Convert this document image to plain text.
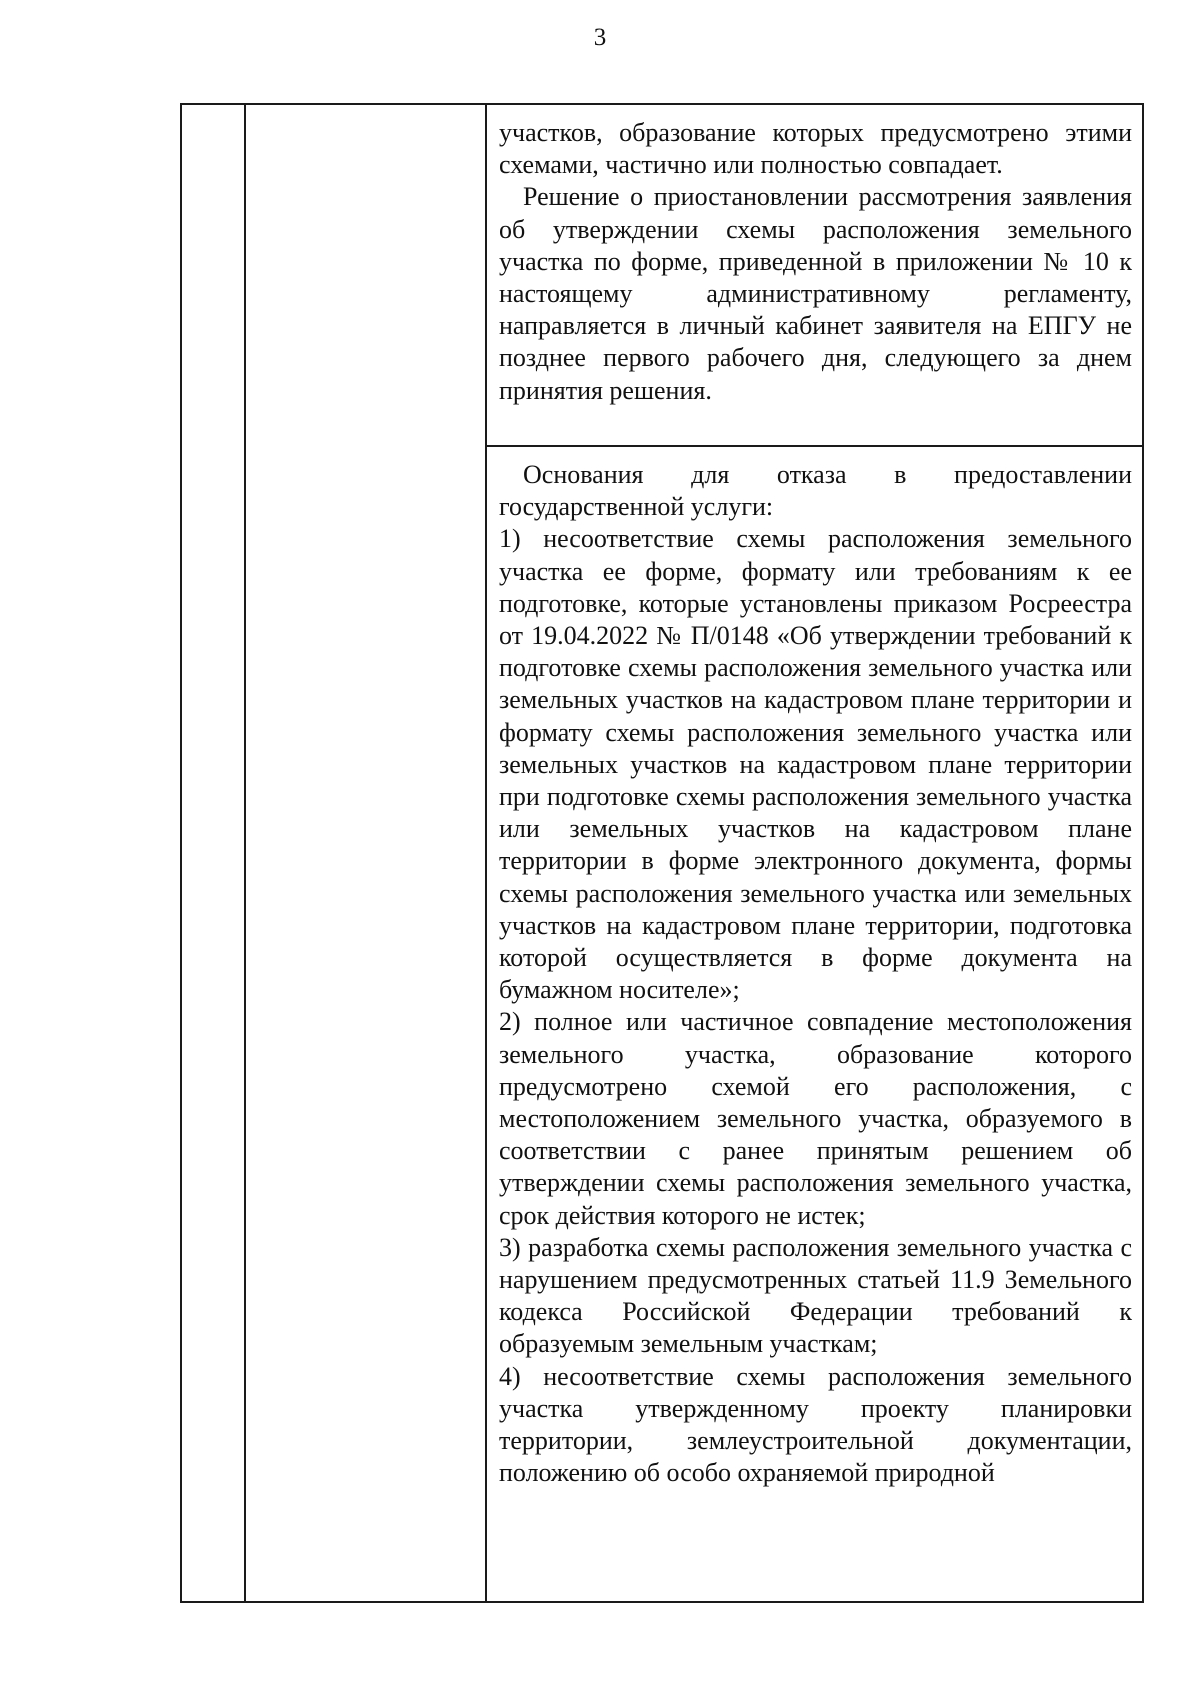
3

участков, образование которых предусмотрено этими схемами, частично или полностью совпадает.

Решение о приостановлении рассмотрения заявления об утверждении схемы расположения земельного участка по форме, приведенной в приложении № 10 к настоящему административному регламенту, направляется в личный кабинет заявителя на ЕПГУ не позднее первого рабочего дня, следующего за днем принятия решения.

Основания для отказа в предоставлении государственной услуги:

1) несоответствие схемы расположения земельного участка ее форме, формату или требованиям к ее подготовке, которые установлены приказом Росреестра от 19.04.2022 № П/0148 «Об утверждении требований к подготовке схемы расположения земельного участка или земельных участков на кадастровом плане территории и формату схемы расположения земельного участка или земельных участков на кадастровом плане территории при подготовке схемы расположения земельного участка или земельных участков на кадастровом плане территории в форме электронного документа, формы схемы расположения земельного участка или земельных участков на кадастровом плане территории, подготовка которой осуществляется в форме документа на бумажном носителе»;

2) полное или частичное совпадение местоположения земельного участка, образование которого предусмотрено схемой его расположения, с местоположением земельного участка, образуемого в соответствии с ранее принятым решением об утверждении схемы расположения земельного участка, срок действия которого не истек;

3) разработка схемы расположения земельного участка с нарушением предусмотренных статьей 11.9 Земельного кодекса Российской Федерации требований к образуемым земельным участкам;

4) несоответствие схемы расположения земельного участка утвержденному проекту планировки территории, землеустроительной документации, положению об особо охраняемой природной
